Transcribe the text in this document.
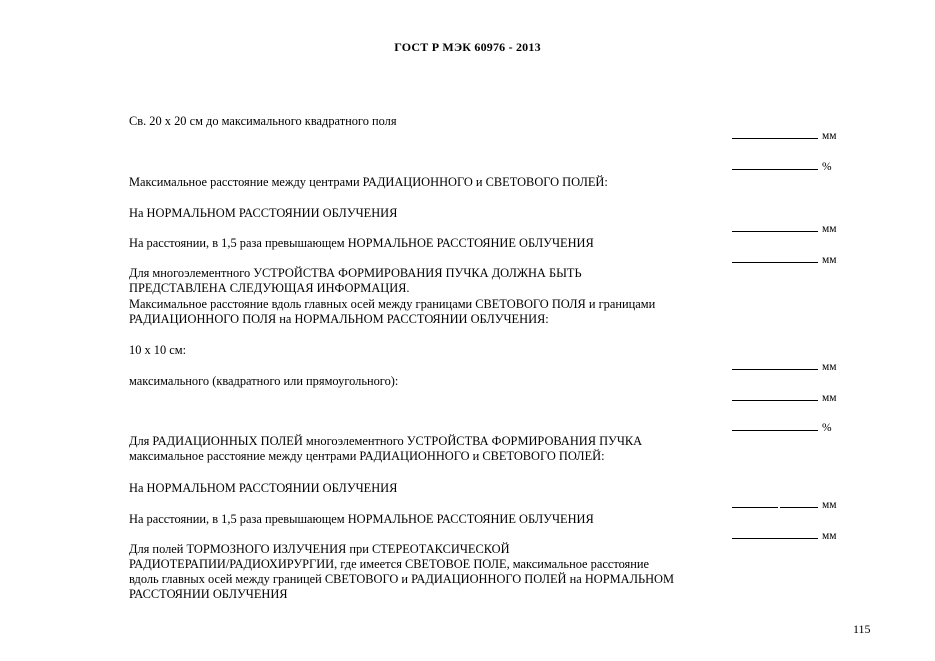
ГОСТ Р МЭК 60976 - 2013
Св. 20 х 20 см до максимального квадратного поля
мм
%
Максимальное расстояние между центрами РАДИАЦИОННОГО и СВЕТОВОГО ПОЛЕЙ:
На НОРМАЛЬНОМ РАССТОЯНИИ ОБЛУЧЕНИЯ
мм
На расстоянии, в 1,5 раза превышающем НОРМАЛЬНОЕ РАССТОЯНИЕ ОБЛУЧЕНИЯ
мм
Для многоэлементного УСТРОЙСТВА ФОРМИРОВАНИЯ ПУЧКА ДОЛЖНА БЫТЬ
ПРЕДСТАВЛЕНА СЛЕДУЮЩАЯ ИНФОРМАЦИЯ.
Максимальное расстояние вдоль главных осей между границами СВЕТОВОГО ПОЛЯ и границами
РАДИАЦИОННОГО ПОЛЯ на НОРМАЛЬНОМ РАССТОЯНИИ ОБЛУЧЕНИЯ:
10 х 10 см:
мм
максимального (квадратного или прямоугольного):
мм
%
Для РАДИАЦИОННЫХ ПОЛЕЙ многоэлементного УСТРОЙСТВА ФОРМИРОВАНИЯ ПУЧКА
максимальное расстояние между центрами РАДИАЦИОННОГО и СВЕТОВОГО ПОЛЕЙ:
На НОРМАЛЬНОМ РАССТОЯНИИ ОБЛУЧЕНИЯ
мм
На расстоянии, в 1,5 раза превышающем НОРМАЛЬНОЕ РАССТОЯНИЕ ОБЛУЧЕНИЯ
мм
Для полей ТОРМОЗНОГО ИЗЛУЧЕНИЯ при СТЕРЕОТАКСИЧЕСКОЙ
РАДИОТЕРАПИИ/РАДИОХИРУРГИИ, где имеется СВЕТОВОЕ ПОЛЕ, максимальное расстояние
вдоль главных осей между границей СВЕТОВОГО и РАДИАЦИОННОГО ПОЛЕЙ на НОРМАЛЬНОМ
РАССТОЯНИИ ОБЛУЧЕНИЯ
115
